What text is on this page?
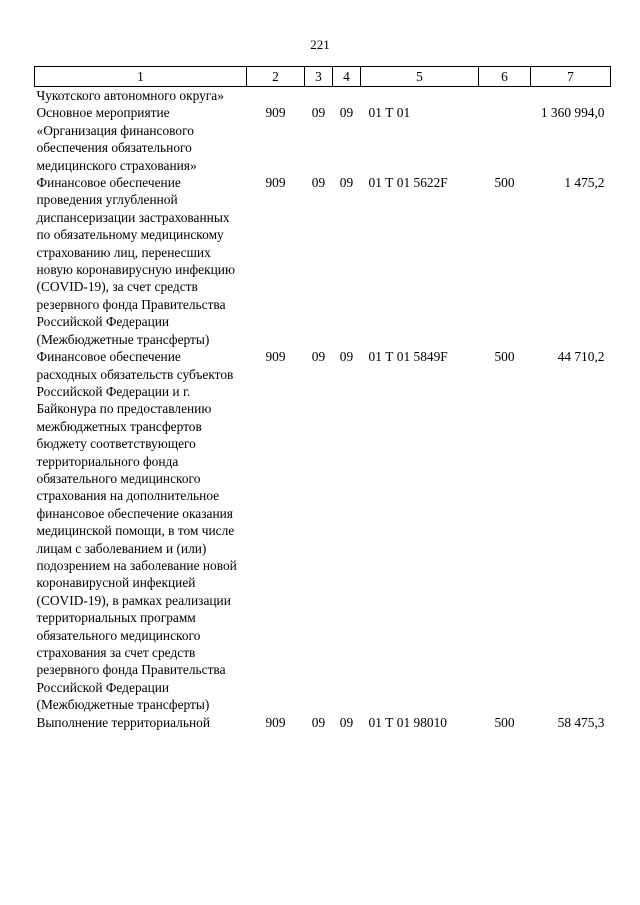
221
1	2	3	4	5	6	7
Чукотского автономного округа»						
Основное мероприятие «Организация финансового обеспечения обязательного медицинского страхования»	909	09	09	01 Т 01		1 360 994,0
Финансовое обеспечение проведения углубленной диспансеризации застрахованных по обязательному медицинскому страхованию лиц, перенесших новую коронавирусную инфекцию (COVID-19), за счет средств резервного фонда Правительства Российской Федерации (Межбюджетные трансферты)	909	09	09	01 Т 01 5622F	500	1 475,2
Финансовое обеспечение расходных обязательств субъектов Российской Федерации и г. Байконура по предоставлению межбюджетных трансфертов бюджету соответствующего территориального фонда обязательного медицинского страхования на дополнительное финансовое обеспечение оказания медицинской помощи, в том числе лицам с заболеванием и (или) подозрением на заболевание новой коронавирусной инфекцией (COVID-19), в рамках реализации территориальных программ обязательного медицинского страхования за счет средств резервного фонда Правительства Российской Федерации (Межбюджетные трансферты)	909	09	09	01 Т 01 5849F	500	44 710,2
Выполнение территориальной	909	09	09	01 Т 01 98010	500	58 475,3
